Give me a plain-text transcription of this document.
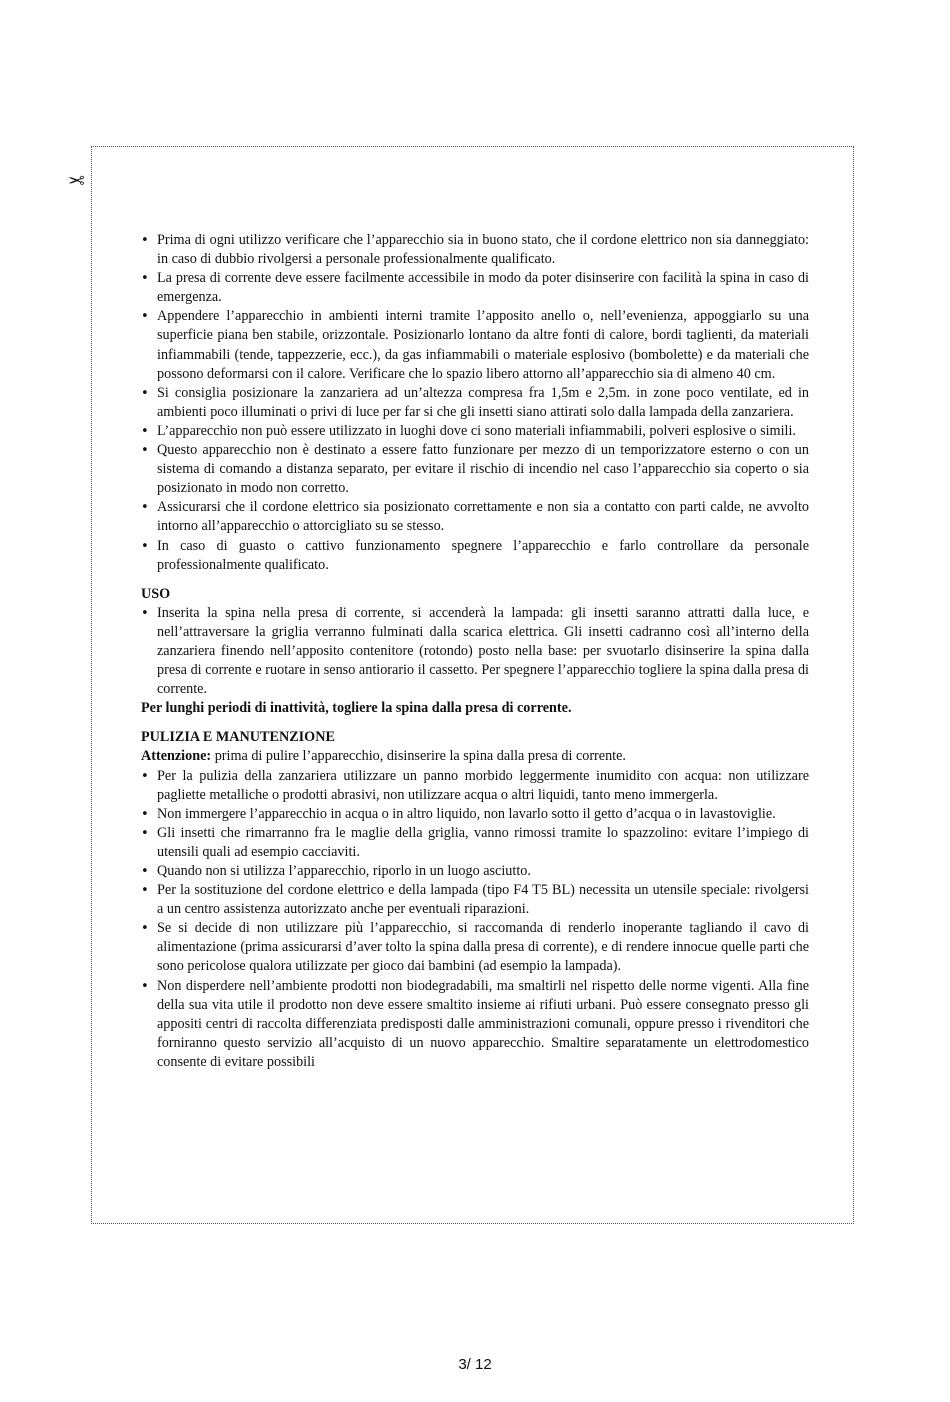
✂
• Prima di ogni utilizzo verificare che l’apparecchio sia in buono stato, che il cordone elettrico non sia danneggiato: in caso di dubbio rivolgersi a personale professionalmente qualificato.
• La presa di corrente deve essere facilmente accessibile in modo da poter disinserire con facilità la spina in caso di emergenza.
• Appendere l’apparecchio in ambienti interni tramite l’apposito anello o, nell’evenienza, appoggiarlo su una superficie piana ben stabile, orizzontale. Posizionarlo lontano da altre fonti di calore, bordi taglienti, da materiali infiammabili (tende, tappezzerie, ecc.), da gas infiammabili o materiale esplosivo (bombolette) e da materiali che possono deformarsi con il calore. Verificare che lo spazio libero attorno all’apparecchio sia di almeno 40 cm.
• Si consiglia posizionare la zanzariera ad un’altezza compresa fra 1,5m e 2,5m. in zone poco ventilate, ed in ambienti poco illuminati o privi di luce per far si che gli insetti siano attirati solo dalla lampada della zanzariera.
• L’apparecchio non può essere utilizzato in luoghi dove ci sono materiali infiammabili, polveri esplosive o simili.
• Questo apparecchio non è destinato a essere fatto funzionare per mezzo di un temporizzatore esterno o con un sistema di comando a distanza separato, per evitare il rischio di incendio nel caso l’apparecchio sia coperto o sia posizionato in modo non corretto.
• Assicurarsi che il cordone elettrico sia posizionato correttamente e non sia a contatto con parti calde, ne avvolto intorno all’apparecchio o attorcigliato su se stesso.
• In caso di guasto o cattivo funzionamento spegnere l’apparecchio e farlo controllare da personale professionalmente qualificato.
USO
• Inserita la spina nella presa di corrente, si accenderà la lampada: gli insetti saranno attratti dalla luce, e nell’attraversare la griglia verranno fulminati dalla scarica elettrica. Gli insetti cadranno così all’interno della zanzariera finendo nell’apposito contenitore (rotondo) posto nella base: per svuotarlo disinserire la spina dalla presa di corrente e ruotare in senso antiorario il cassetto. Per spegnere l’apparecchio togliere la spina dalla presa di corrente.
Per lunghi periodi di inattività, togliere la spina dalla presa di corrente.
PULIZIA E MANUTENZIONE
Attenzione: prima di pulire l’apparecchio, disinserire la spina dalla presa di corrente.
• Per la pulizia della zanzariera utilizzare un panno morbido leggermente inumidito con acqua: non utilizzare pagliette metalliche o prodotti abrasivi, non utilizzare acqua o altri liquidi, tanto meno immergerla.
• Non immergere l’apparecchio in acqua o in altro liquido, non lavarlo sotto il getto d’acqua o in lavastoviglie.
• Gli insetti che rimarranno fra le maglie della griglia, vanno rimossi tramite lo spazzolino: evitare l’impiego di utensili quali ad esempio cacciaviti.
• Quando non si utilizza l’apparecchio, riporlo in un luogo asciutto.
• Per la sostituzione del cordone elettrico e della lampada (tipo F4 T5 BL) necessita un utensile speciale: rivolgersi a un centro assistenza autorizzato anche per eventuali riparazioni.
• Se si decide di non utilizzare più l’apparecchio, si raccomanda di renderlo inoperante tagliando il cavo di alimentazione (prima assicurarsi d’aver tolto la spina dalla presa di corrente), e di rendere innocue quelle parti che sono pericolose qualora utilizzate per gioco dai bambini (ad esempio la lampada).
• Non disperdere nell’ambiente prodotti non biodegradabili, ma smaltirli nel rispetto delle norme vigenti. Alla fine della sua vita utile il prodotto non deve essere smaltito insieme ai rifiuti urbani. Può essere consegnato presso gli appositi centri di raccolta differenziata predisposti dalle amministrazioni comunali, oppure presso i rivenditori che forniranno questo servizio all’acquisto di un nuovo apparecchio. Smaltire separatamente un elettrodomestico consente di evitare possibili
3/ 12
